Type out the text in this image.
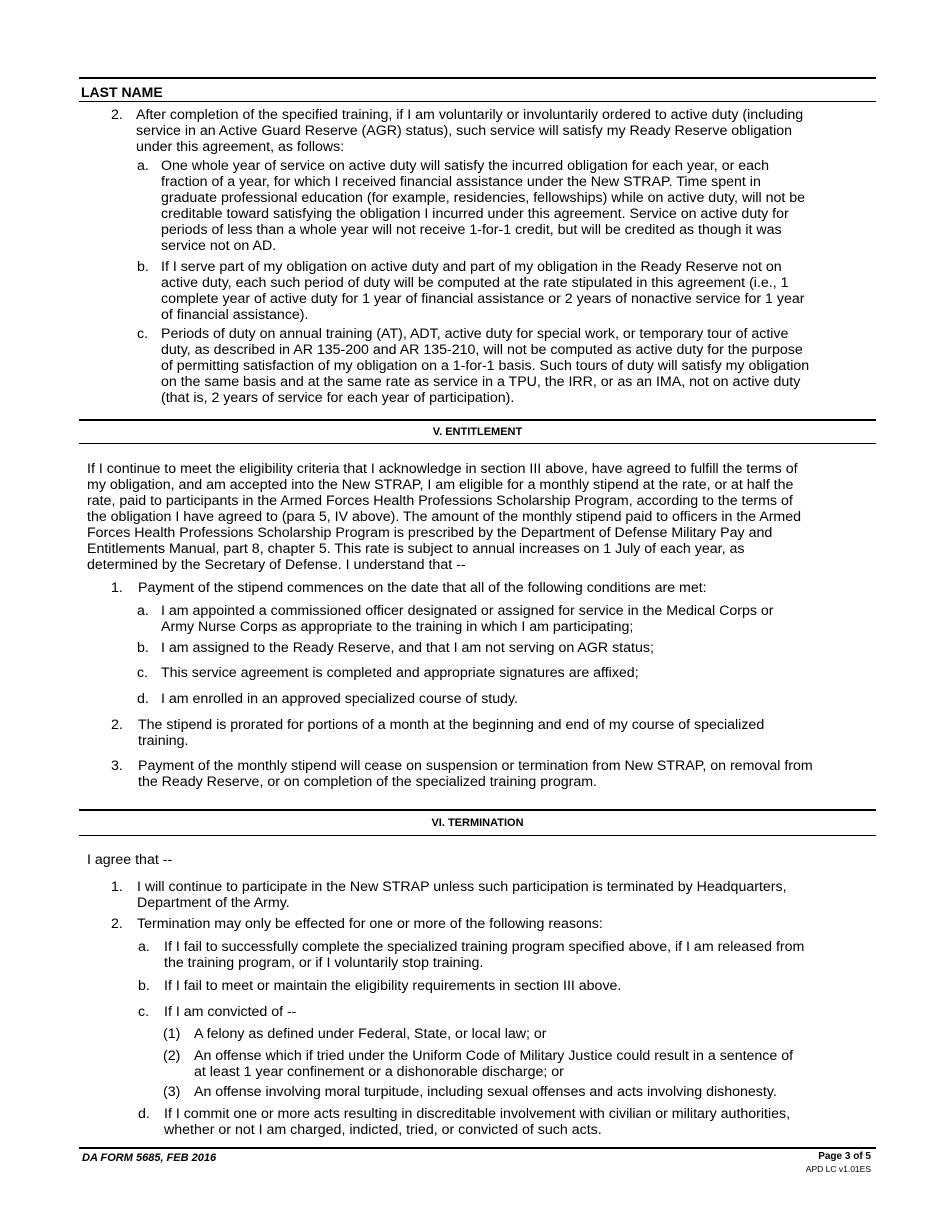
LAST NAME
2. After completion of the specified training, if I am voluntarily or involuntarily ordered to active duty (including
service in an Active Guard Reserve (AGR) status), such service will satisfy my Ready Reserve obligation
under this agreement, as follows:
a. One whole year of service on active duty will satisfy the incurred obligation for each year, or each
fraction of a year, for which I received financial assistance under the New STRAP. Time spent in
graduate professional education (for example, residencies, fellowships) while on active duty, will not be
creditable toward satisfying the obligation I incurred under this agreement. Service on active duty for
periods of less than a whole year will not receive 1-for-1 credit, but will be credited as though it was
service not on AD.
b. If I serve part of my obligation on active duty and part of my obligation in the Ready Reserve not on
active duty, each such period of duty will be computed at the rate stipulated in this agreement (i.e., 1
complete year of active duty for 1 year of financial assistance or 2 years of nonactive service for 1 year
of financial assistance).
c. Periods of duty on annual training (AT), ADT, active duty for special work, or temporary tour of active
duty, as described in AR 135-200 and AR 135-210, will not be computed as active duty for the purpose
of permitting satisfaction of my obligation on a 1-for-1 basis. Such tours of duty will satisfy my obligation
on the same basis and at the same rate as service in a TPU, the IRR, or as an IMA, not on active duty
(that is, 2 years of service for each year of participation).
V. ENTITLEMENT
If I continue to meet the eligibility criteria that I acknowledge in section III above, have agreed to fulfill the terms of
my obligation, and am accepted into the New STRAP, I am eligible for a monthly stipend at the rate, or at half the
rate, paid to participants in the Armed Forces Health Professions Scholarship Program, according to the terms of
the obligation I have agreed to (para 5, IV above). The amount of the monthly stipend paid to officers in the Armed
Forces Health Professions Scholarship Program is prescribed by the Department of Defense Military Pay and
Entitlements Manual, part 8, chapter 5. This rate is subject to annual increases on 1 July of each year, as
determined by the Secretary of Defense. I understand that --
1. Payment of the stipend commences on the date that all of the following conditions are met:
a. I am appointed a commissioned officer designated or assigned for service in the Medical Corps or
Army Nurse Corps as appropriate to the training in which I am participating;
b. I am assigned to the Ready Reserve, and that I am not serving on AGR status;
c. This service agreement is completed and appropriate signatures are affixed;
d. I am enrolled in an approved specialized course of study.
2. The stipend is prorated for portions of a month at the beginning and end of my course of specialized
training.
3. Payment of the monthly stipend will cease on suspension or termination from New STRAP, on removal from
the Ready Reserve, or on completion of the specialized training program.
VI. TERMINATION
I agree that --
1. I will continue to participate in the New STRAP unless such participation is terminated by Headquarters,
Department of the Army.
2. Termination may only be effected for one or more of the following reasons:
a. If I fail to successfully complete the specialized training program specified above, if I am released from
the training program, or if I voluntarily stop training.
b. If I fail to meet or maintain the eligibility requirements in section III above.
c. If I am convicted of --
(1) A felony as defined under Federal, State, or local law; or
(2) An offense which if tried under the Uniform Code of Military Justice could result in a sentence of
at least 1 year confinement or a dishonorable discharge; or
(3) An offense involving moral turpitude, including sexual offenses and acts involving dishonesty.
d. If I commit one or more acts resulting in discreditable involvement with civilian or military authorities,
whether or not I am charged, indicted, tried, or convicted of such acts.
DA FORM 5685, FEB 2016	Page 3 of 5
APD LC v1.01ES
